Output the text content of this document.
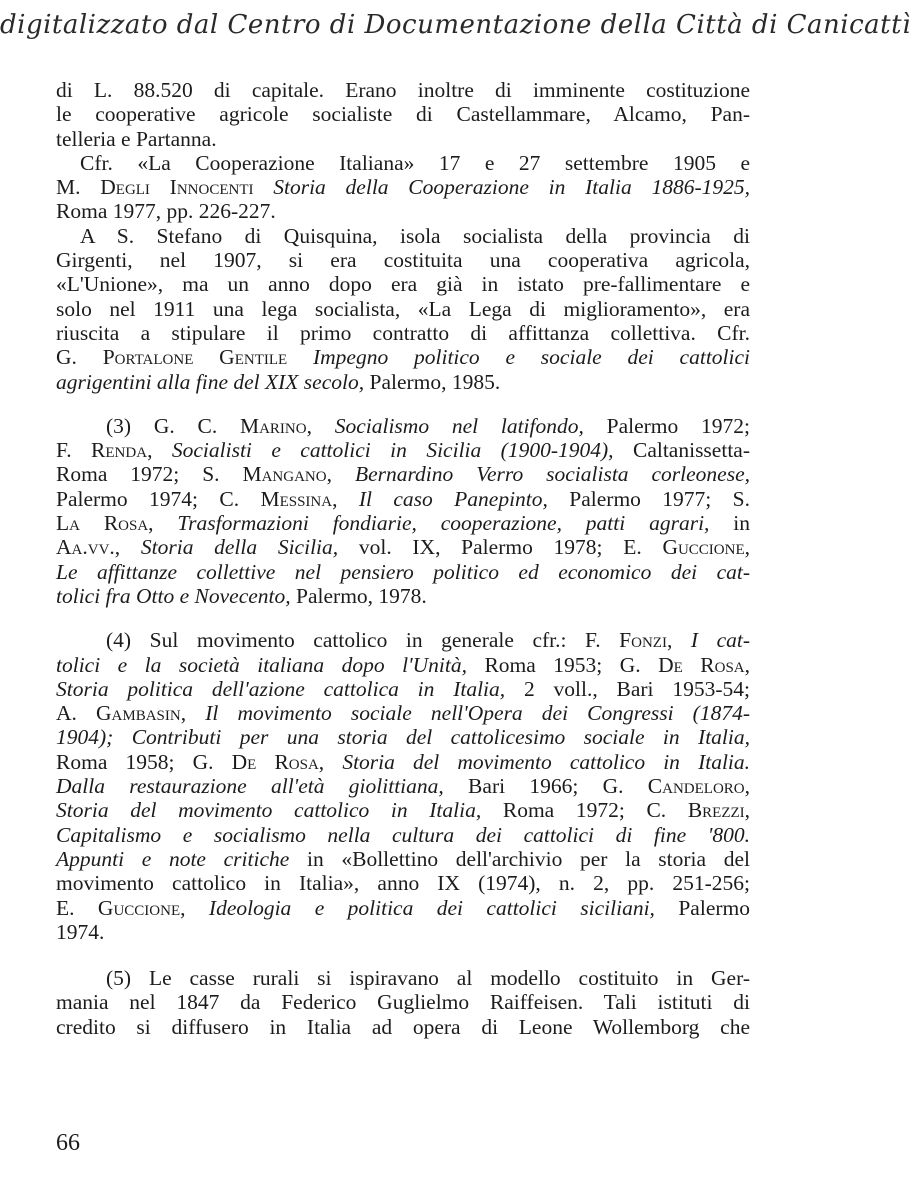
digitalizzato dal Centro di Documentazione della Città di Canicattì
di L. 88.520 di capitale. Erano inoltre di imminente costituzione
le cooperative agricole socialiste di Castellammare, Alcamo, Pan-
telleria e Partanna.
Cfr. «La Cooperazione Italiana» 17 e 27 settembre 1905 e
M. Degli Innocenti Storia della Cooperazione in Italia 1886-1925,
Roma 1977, pp. 226-227.
A S. Stefano di Quisquina, isola socialista della provincia di
Girgenti, nel 1907, si era costituita una cooperativa agricola,
«L'Unione», ma un anno dopo era già in istato pre-fallimentare e
solo nel 1911 una lega socialista, «La Lega di miglioramento», era
riuscita a stipulare il primo contratto di affittanza collettiva. Cfr.
G. Portalone Gentile Impegno politico e sociale dei cattolici
agrigentini alla fine del XIX secolo, Palermo, 1985.
(3) G. C. Marino, Socialismo nel latifondo, Palermo 1972;
F. Renda, Socialisti e cattolici in Sicilia (1900-1904), Caltanissetta-
Roma 1972; S. Mangano, Bernardino Verro socialista corleonese,
Palermo 1974; C. Messina, Il caso Panepinto, Palermo 1977; S.
La Rosa, Trasformazioni fondiarie, cooperazione, patti agrari, in
Aa.vv., Storia della Sicilia, vol. IX, Palermo 1978; E. Guccione,
Le affittanze collettive nel pensiero politico ed economico dei cat-
tolici fra Otto e Novecento, Palermo, 1978.
(4) Sul movimento cattolico in generale cfr.: F. Fonzi, I cat-
tolici e la società italiana dopo l'Unità, Roma 1953; G. De Rosa,
Storia politica dell'azione cattolica in Italia, 2 voll., Bari 1953-54;
A. Gambasin, Il movimento sociale nell'Opera dei Congressi (1874-
1904); Contributi per una storia del cattolicesimo sociale in Italia,
Roma 1958; G. De Rosa, Storia del movimento cattolico in Italia.
Dalla restaurazione all'età giolittiana, Bari 1966; G. Candeloro,
Storia del movimento cattolico in Italia, Roma 1972; C. Brezzi,
Capitalismo e socialismo nella cultura dei cattolici di fine '800.
Appunti e note critiche in «Bollettino dell'archivio per la storia del
movimento cattolico in Italia», anno IX (1974), n. 2, pp. 251-256;
E. Guccione, Ideologia e politica dei cattolici siciliani, Palermo
1974.
(5) Le casse rurali si ispiravano al modello costituito in Ger-
mania nel 1847 da Federico Guglielmo Raiffeisen. Tali istituti di
credito si diffusero in Italia ad opera di Leone Wollemborg che
66
